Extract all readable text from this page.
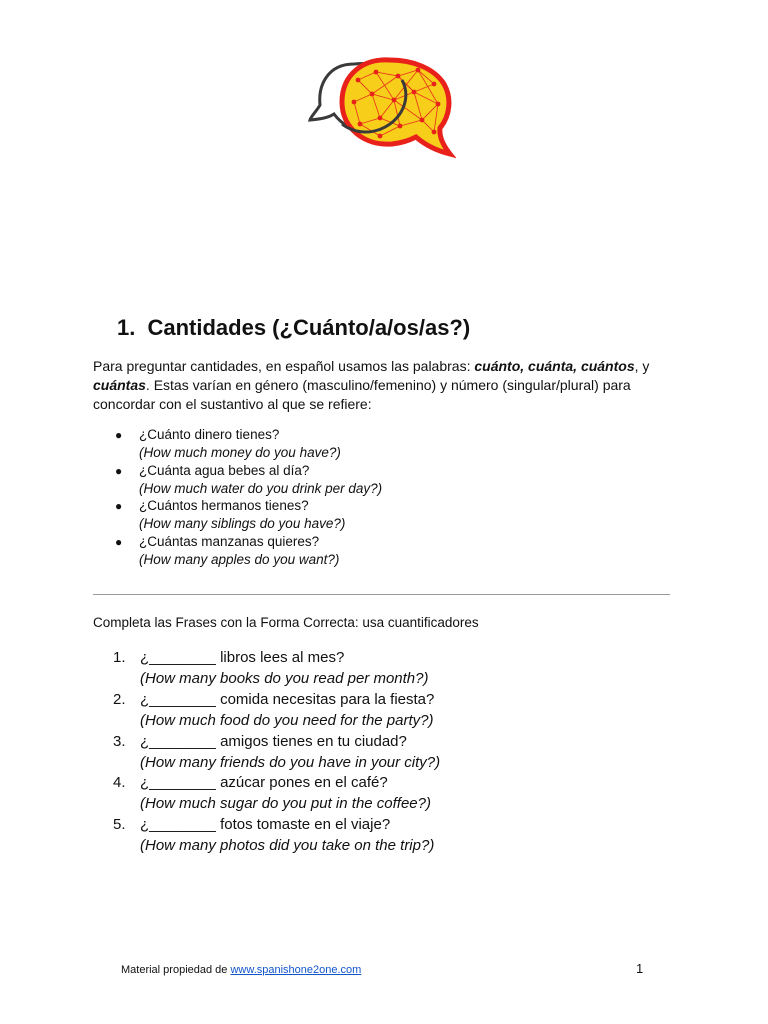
1. Cantidades (¿Cuánto/a/os/as?)

Para preguntar cantidades, en español usamos las palabras: cuánto, cuánta, cuántos, y cuántas. Estas varían en género (masculino/femenino) y número (singular/plural) para concordar con el sustantivo al que se refiere:

● ¿Cuánto dinero tienes?
(How much money do you have?)
● ¿Cuánta agua bebes al día?
(How much water do you drink per day?)
● ¿Cuántos hermanos tienes?
(How many siblings do you have?)
● ¿Cuántas manzanas quieres?
(How many apples do you want?)

Completa las Frases con la Forma Correcta: usa cuantificadores

1. ¿________ libros lees al mes?
(How many books do you read per month?)
2. ¿________ comida necesitas para la fiesta?
(How much food do you need for the party?)
3. ¿________ amigos tienes en tu ciudad?
(How many friends do you have in your city?)
4. ¿________ azúcar pones en el café?
(How much sugar do you put in the coffee?)
5. ¿________ fotos tomaste en el viaje?
(How many photos did you take on the trip?)

Material propiedad de www.spanishone2one.com	1
